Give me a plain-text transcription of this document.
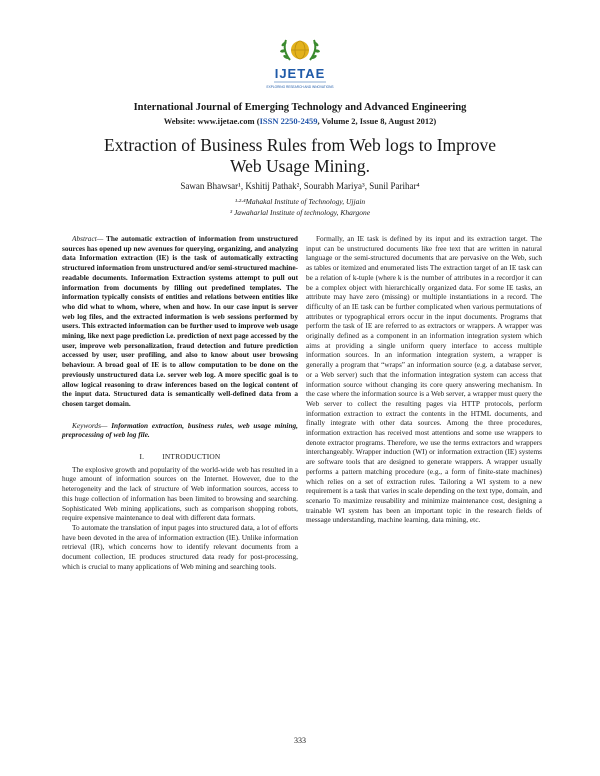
IJETAE
EXPLORING RESEARCH AND INNOVATIONS
International Journal of Emerging Technology and Advanced Engineering
Website: www.ijetae.com (ISSN 2250-2459, Volume 2, Issue 8, August 2012)
Extraction of Business Rules from Web logs to Improve Web Usage Mining.
Sawan Bhawsar¹, Kshitij Pathak², Sourabh Mariya³, Sunil Parihar⁴
¹·²·⁴Mahakal Institute of Technology, Ujjain
³ Jawaharlal Institute of technology, Khargone

Abstract— The automatic extraction of information from unstructured sources has opened up new avenues for querying, organizing, and analyzing data Information extraction (IE) is the task of automatically extracting structured information from unstructured and/or semi-structured machine-readable documents. Information Extraction systems attempt to pull out information from documents by filling out predefined templates. The information typically consists of entities and relations between entities like who did what to whom, where, when and how. In our case input is server web log files, and the extracted information is web sessions performed by users. This extracted information can be further used to improve web usage mining, like next page prediction i.e. prediction of next page accessed by the user, improve web personalization, fraud detection and future prediction accessed by user, user profiling, and also to know about user browsing behaviour. A broad goal of IE is to allow computation to be done on the previously unstructured data i.e. server web log. A more specific goal is to allow logical reasoning to draw inferences based on the logical content of the input data. Structured data is semantically well-defined data from a chosen target domain.

Keywords— Information extraction, business rules, web usage mining, preprocessing of web log file.

I. INTRODUCTION

The explosive growth and popularity of the world-wide web has resulted in a huge amount of information sources on the Internet. However, due to the heterogeneity and the lack of structure of Web information sources, access to this huge collection of information has been limited to browsing and searching. Sophisticated Web mining applications, such as comparison shopping robots, require expensive maintenance to deal with different data formats.

To automate the translation of input pages into structured data, a lot of efforts have been devoted in the area of information extraction (IE). Unlike information retrieval (IR), which concerns how to identify relevant documents from a document collection, IE produces structured data ready for post-processing, which is crucial to many applications of Web mining and searching tools.

Formally, an IE task is defined by its input and its extraction target. The input can be unstructured documents like free text that are written in natural language or the semi-structured documents that are pervasive on the Web, such as tables or itemized and enumerated lists The extraction target of an IE task can be a relation of k-tuple (where k is the number of attributes in a record)or it can be a complex object with hierarchically organized data. For some IE tasks, an attribute may have zero (missing) or multiple instantiations in a record. The difficulty of an IE task can be further complicated when various permutations of attributes or typographical errors occur in the input documents. Programs that perform the task of IE are referred to as extractors or wrappers. A wrapper was originally defined as a component in an information integration system which aims at providing a single uniform query interface to access multiple information sources. In an information integration system, a wrapper is generally a program that “wraps” an information source (e.g. a database server, or a Web server) such that the information integration system can access that information source without changing its core query answering mechanism. In the case where the information source is a Web server, a wrapper must query the Web server to collect the resulting pages via HTTP protocols, perform information extraction to extract the contents in the HTML documents, and finally integrate with other data sources. Among the three procedures, information extraction has received most attentions and some use wrappers to denote extractor programs. Therefore, we use the terms extractors and wrappers interchangeably. Wrapper induction (WI) or information extraction (IE) systems are software tools that are designed to generate wrappers. A wrapper usually performs a pattern matching procedure (e.g., a form of finite-state machines) which relies on a set of extraction rules. Tailoring a WI system to a new requirement is a task that varies in scale depending on the text type, domain, and scenario To maximize reusability and minimize maintenance cost, designing a trainable WI system has been an important topic in the research fields of message understanding, machine learning, data mining, etc.

333
